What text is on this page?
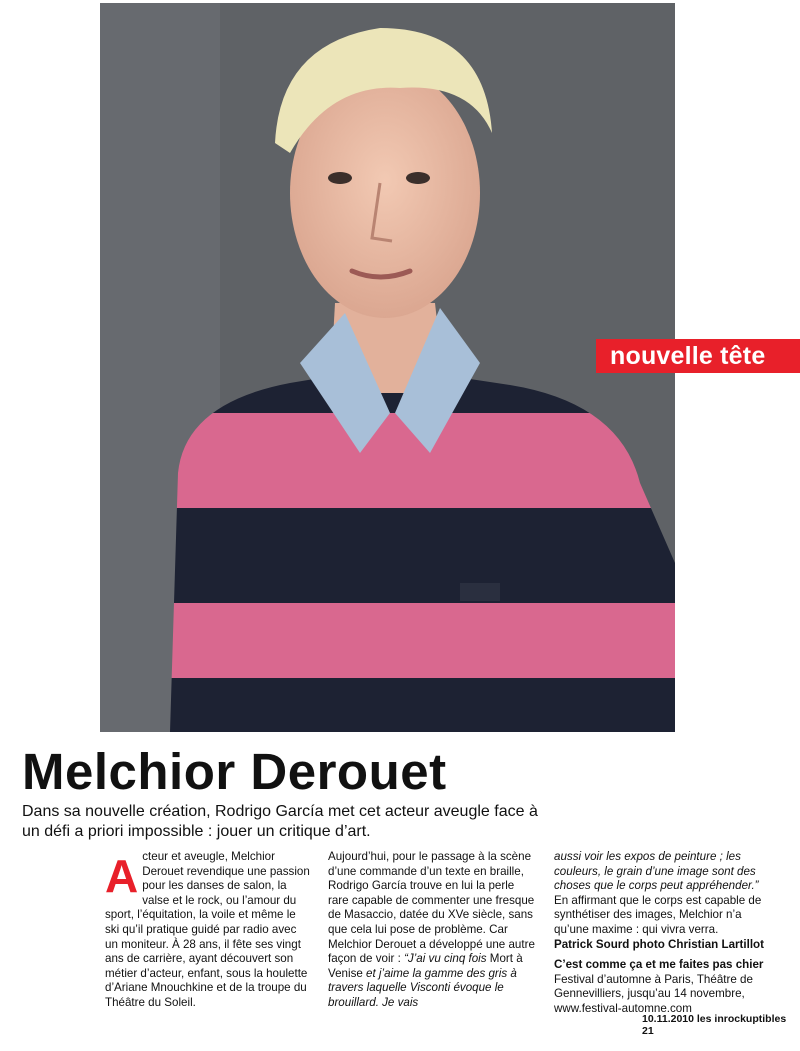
nouvelle tête
Melchior Derouet

Dans sa nouvelle création, Rodrigo García met cet acteur aveugle face à un défi a priori impossible : jouer un critique d’art.

A cteur et aveugle, Melchior Derouet revendique une passion pour les danses de salon, la valse et le rock, ou l’amour du sport, l’équitation, la voile et même le ski qu’il pratique guidé par radio avec un moniteur. À 28 ans, il fête ses vingt ans de carrière, ayant découvert son métier d’acteur, enfant, sous la houlette d’Ariane Mnouchkine et de la troupe du Théâtre du Soleil.

Aujourd’hui, pour le passage à la scène d’une commande d’un texte en braille, Rodrigo García trouve en lui la perle rare capable de commenter une fresque de Masaccio, datée du XVe siècle, sans que cela lui pose de problème. Car Melchior Derouet a développé une autre façon de voir : “J’ai vu cinq fois Mort à Venise et j’aime la gamme des gris à travers laquelle Visconti évoque le brouillard. Je vais

aussi voir les expos de peinture ; les couleurs, le grain d’une image sont des choses que le corps peut appréhender.”

En affirmant que le corps est capable de synthétiser des images, Melchior n’a qu’une maxime : qui vivra verra.

Patrick Sourd photo Christian Lartillot

C’est comme ça et me faites pas chier

Festival d’automne à Paris, Théâtre de Gennevilliers, jusqu’au 14 novembre,

www.festival-automne.com

10.11.2010 les inrockuptibles 21
